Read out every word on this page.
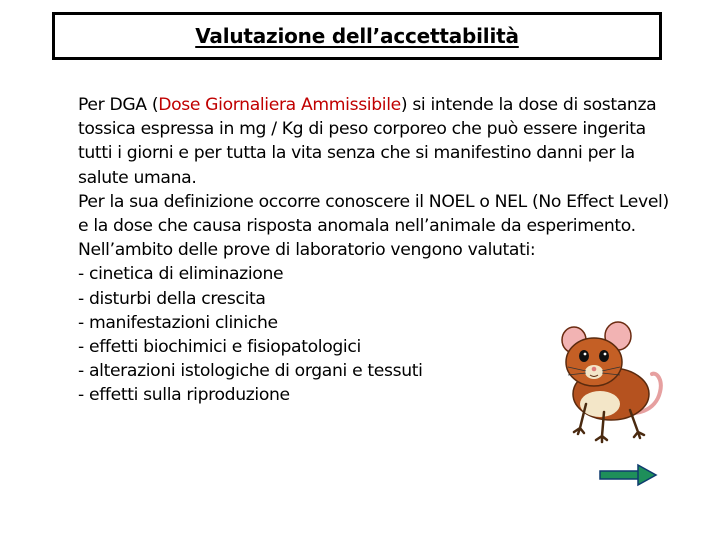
Valutazione dell’accettabilità

Per DGA (Dose Giornaliera Ammissibile) si intende la dose di sostanza tossica espressa in mg / Kg di peso corporeo che può essere ingerita tutti i giorni e per tutta la vita senza che si manifestino danni per la salute umana.

Per la sua definizione occorre conoscere il NOEL o NEL (No Effect Level) e la dose che causa risposta anomala nell’animale da esperimento.

Nell’ambito delle prove di laboratorio vengono valutati:

- cinetica di eliminazione
- disturbi della crescita
- manifestazioni cliniche
- effetti biochimici e fisiopatologici
- alterazioni istologiche di organi e tessuti
- effetti sulla riproduzione
